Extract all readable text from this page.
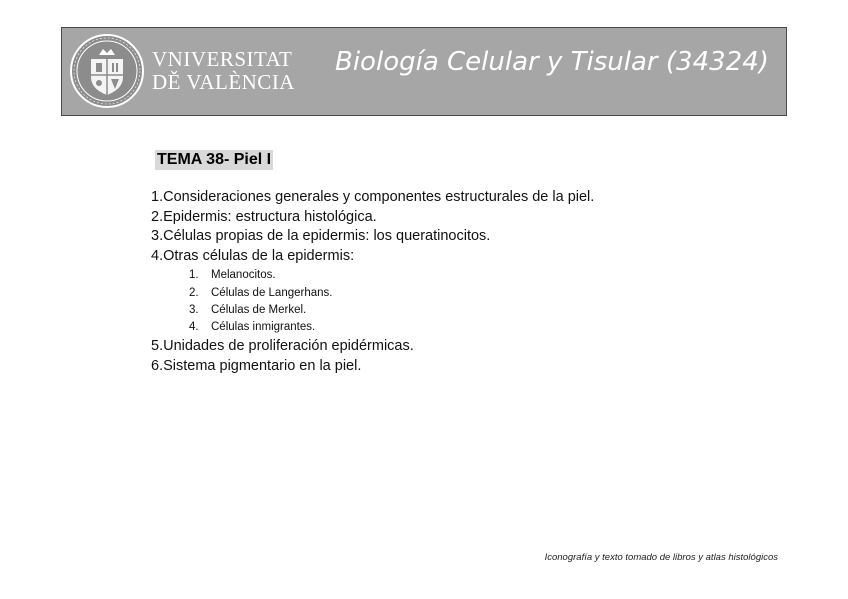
VNIVERSITAT
DĚ VALÈNCIA
Biología Celular y Tisular (34324)
TEMA 38- Piel I
1.Consideraciones generales y componentes estructurales de la piel.
2.Epidermis: estructura histológica.
3.Células propias de la epidermis: los queratinocitos.
4.Otras células de la epidermis:
1. Melanocitos.
2. Células de Langerhans.
3. Células de Merkel.
4. Células inmigrantes.
5.Unidades de proliferación epidérmicas.
6.Sistema pigmentario en la piel.
Iconografía y texto tomado de libros y atlas histológicos
